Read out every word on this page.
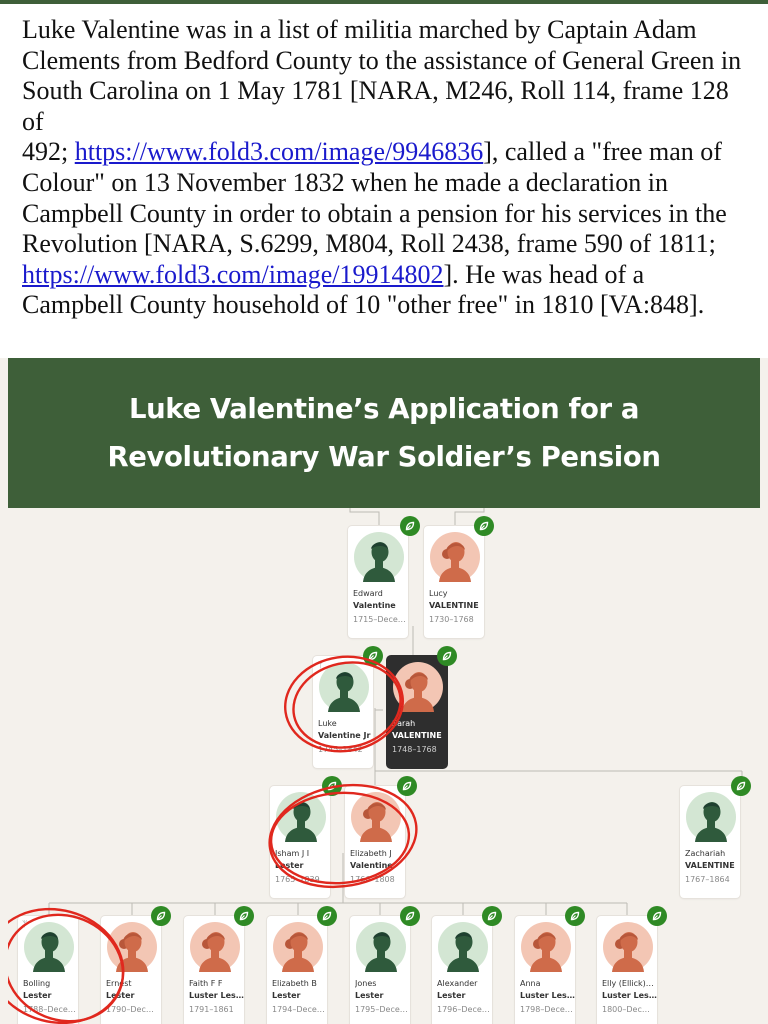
Luke Valentine was in a list of militia marched by Captain Adam Clements from Bedford County to the assistance of General Green in South Carolina on 1 May 1781 [NARA, M246, Roll 114, frame 128 of
492; https://www.fold3.com/image/9946836], called a "free man of Colour" on 13 November 1832 when he made a declaration in Campbell County in order to obtain a pension for his services in the Revolution [NARA, S.6299, M804, Roll 2438, frame 590 of 1811; https://www.fold3.com/image/19914802]. He was head of a Campbell County household of 10 "other free" in 1810 [VA:848].

Luke Valentine’s Application for a Revolutionary War Soldier’s Pension
Edward
Valentine
1715–Dece…
Lucy
VALENTINE
1730–1768
Luke
Valentine Jr
1745–1842
ᛘ
Sarah
VALENTINE
1748–1768
Isham J I
Lester
1765–1839
Elizabeth J
Valentine
1766–1808
Zachariah
VALENTINE
1767–1864
Bolling
Lester
1788–Dece…
ᛘ
Ernest
Lester
1790–Dec…
Faith F F
Luster Les…
1791–1861
Elizabeth B
Lester
1794–Dece…
Jones
Lester
1795–Dece…
Alexander
Lester
1796–Dece…
Anna
Luster Les…
1798–Dece…
Elly (Ellick)…
Luster Les…
1800–Dec…
